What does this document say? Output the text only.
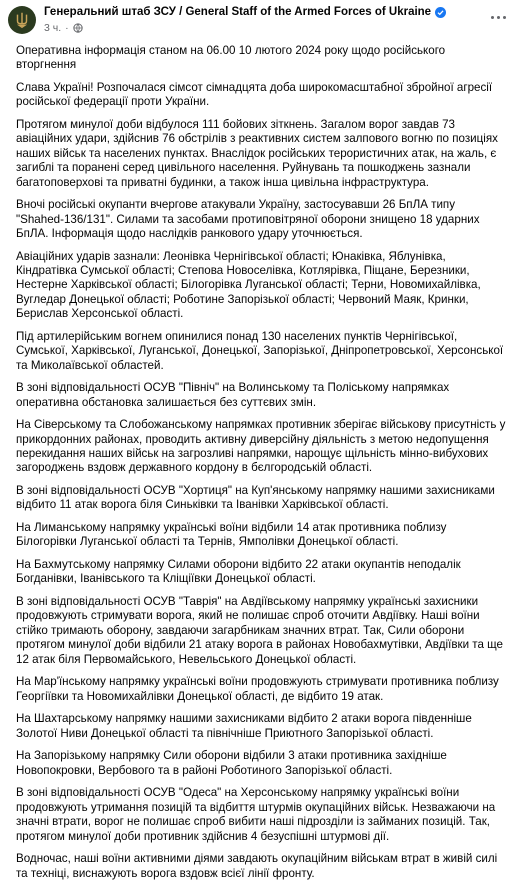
Генеральний штаб ЗСУ / General Staff of the Armed Forces of Ukraine
3 ч. ·

Оперативна інформація станом на 06.00 10 лютого 2024 року щодо російського вторгнення

Слава Україні! Розпочалася сімсот сімнадцята доба широкомасштабної збройної агресії російської федерації проти України.

Протягом минулої доби відбулося 111 бойових зіткнень. Загалом ворог завдав 73 авіаційних удари, здійснив 76 обстрілів з реактивних систем залпового вогню по позиціях наших військ та населених пунктах. Внаслідок російських терористичних атак, на жаль, є загиблі та поранені серед цивільного населення. Руйнувань та пошкоджень зазнали багатоповерхові та приватні будинки, а також інша цивільна інфраструктура.

Вночі російські окупанти вчергове атакували Україну, застосувавши 26 БпЛА типу "Shahed-136/131". Силами та засобами протиповітряної оборони знищено 18 ударних БпЛА. Інформація щодо наслідків ранкового удару уточнюється.

Авіаційних ударів зазнали: Леонівка Чернігівської області; Юнаківка, Яблунівка, Кіндратівка Сумської області; Степова Новоселівка, Котлярівка, Піщане, Березники, Нестерне Харківської області; Білогорівка Луганської області; Терни, Новомихайлівка, Вугледар Донецької області; Роботине Запорізької області; Червоний Маяк, Кринки, Берислав Херсонської області.

Під артилерійським вогнем опинилися понад 130 населених пунктів Чернігівської, Сумської, Харківської, Луганської, Донецької, Запорізької, Дніпропетровської, Херсонської та Миколаївської областей.

В зоні відповідальності ОСУВ "Північ" на Волинському та Поліському напрямках оперативна обстановка залишається без суттєвих змін.

На Сіверському та Слобожанському напрямках противник зберігає військову присутність у прикордонних районах, проводить активну диверсійну діяльність з метою недопущення перекидання наших військ на загрозливі напрямки, нарощує щільність мінно-вибухових загороджень вздовж державного кордону в бєлгородській області.

В зоні відповідальності ОСУВ "Хортиця" на Куп'янському напрямку нашими захисниками відбито 11 атак ворога біля Синьківки та Іванівки Харківської області.

На Лиманському напрямку українські воїни відбили 14 атак противника поблизу Білогорівки Луганської області та Тернів, Ямполівки Донецької області.

На Бахмутському напрямку Силами оборони відбито 22 атаки окупантів неподалік Богданівки, Іванівського та Кліщіївки Донецької області.

В зоні відповідальності ОСУВ "Таврія" на Авдіївському напрямку українські захисники продовжують стримувати ворога, який не полишає спроб оточити Авдіївку. Наші воїни стійко тримають оборону, завдаючи загарбникам значних втрат. Так, Сили оборони протягом минулої доби відбили 21 атаку ворога в районах Новобахмутівки, Авдіївки та ще 12 атак біля Первомайського, Невельського Донецької області.

На Мар'їнському напрямку українські воїни продовжують стримувати противника поблизу Георгіївки та Новомихайлівки Донецької області, де відбито 19 атак.

На Шахтарському напрямку нашими захисниками відбито 2 атаки ворога південніше Золотої Ниви Донецької області та північніше Приютного Запорізької області.

На Запорізькому напрямку Сили оборони відбили 3 атаки противника західніше Новопокровки, Вербового та в районі Роботиного Запорізької області.

В зоні відповідальності ОСУВ "Одеса" на Херсонському напрямку українські воїни продовжують утримання позицій та відбиття штурмів окупаційних військ. Незважаючи на значні втрати, ворог не полишає спроб вибити наші підрозділи із займаних позицій. Так, протягом минулої доби противник здійснив 4 безуспішні штурмові дії.

Водночас, наші воїни активними діями завдають окупаційним військам втрат в живій силі та техніці, виснажують ворога вздовж всієї лінії фронту.
